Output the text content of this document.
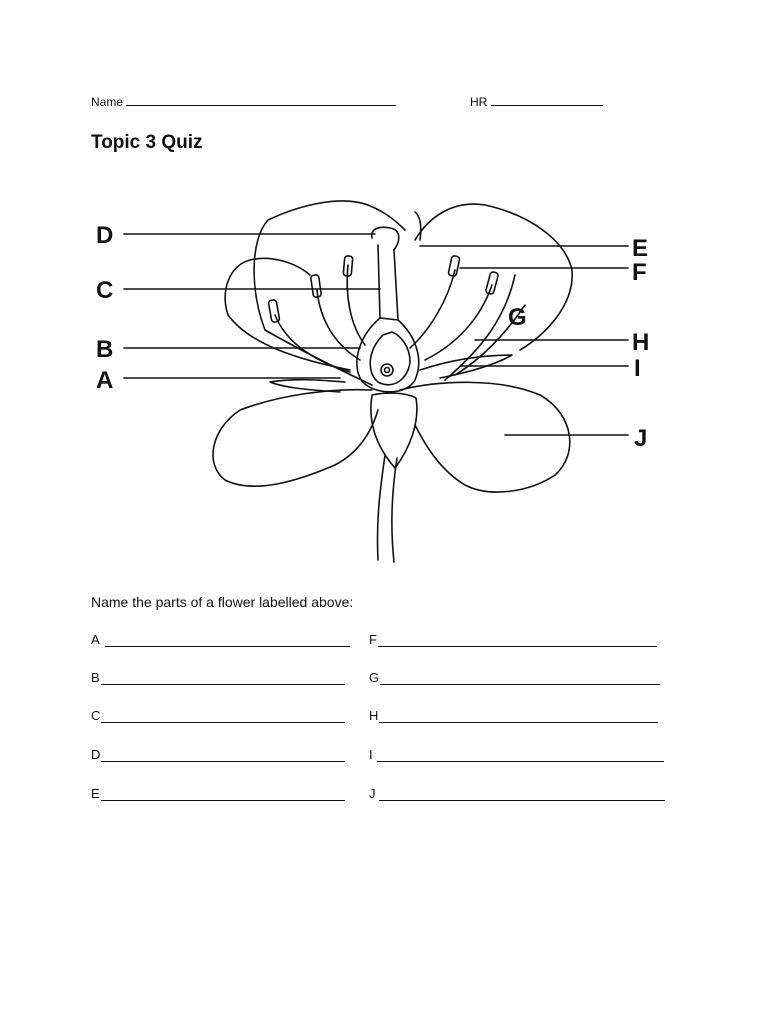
Name	HR
Topic 3 Quiz
D
C
B
A
E
F
G
H
I
J
Name the parts of a flower labelled above:
A
B
C
D
E
F
G
H
I
J
